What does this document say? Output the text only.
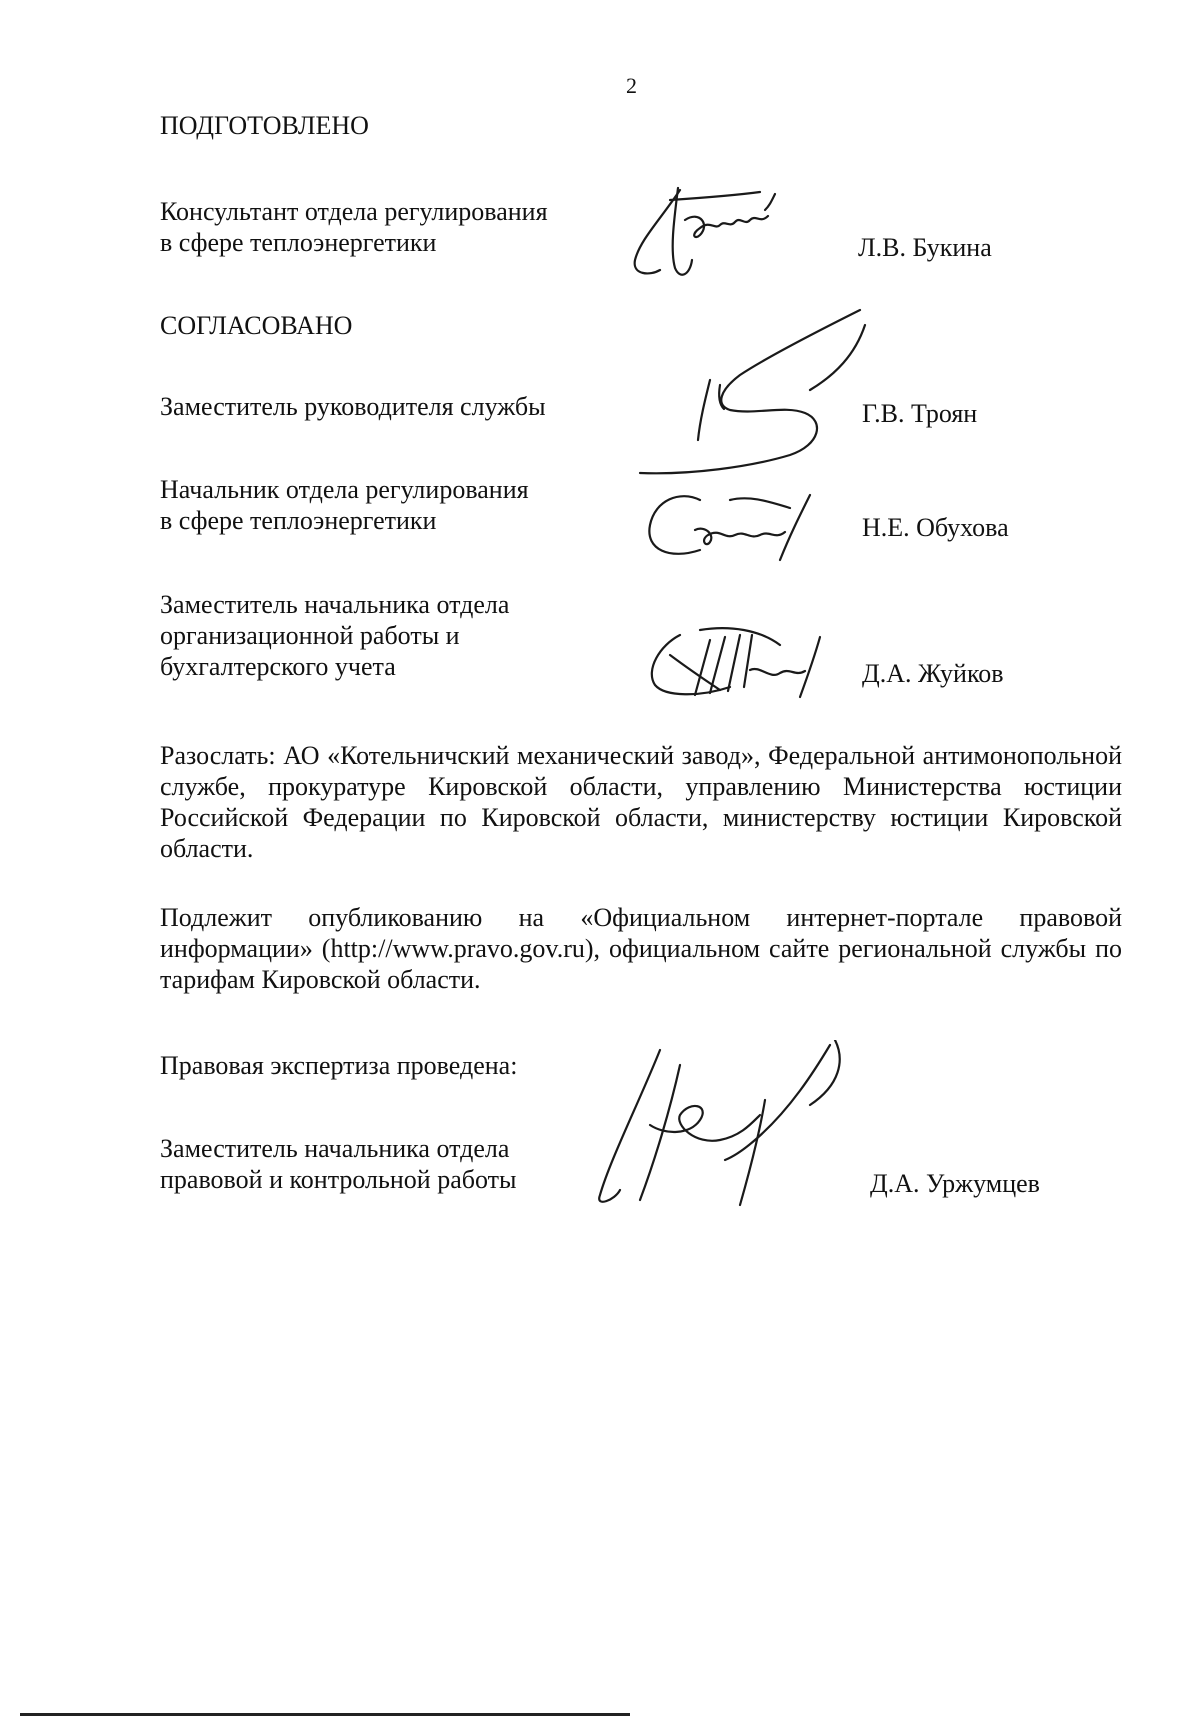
2
ПОДГОТОВЛЕНО
Консультант отдела регулирования
в сфере теплоэнергетики	Л.В. Букина
СОГЛАСОВАНО
Заместитель руководителя службы	Г.В. Троян
Начальник отдела регулирования
в сфере теплоэнергетики	Н.Е. Обухова
Заместитель начальника отдела
организационной работы и
бухгалтерского учета	Д.А. Жуйков
Разослать: АО «Котельничский механический завод», Федеральной антимонопольной службе, прокуратуре Кировской области, управлению Министерства юстиции Российской Федерации по Кировской области, министерству юстиции Кировской области.
Подлежит опубликованию на «Официальном интернет-портале правовой информации» (http://www.pravo.gov.ru), официальном сайте региональной службы по тарифам Кировской области.
Правовая экспертиза проведена:
Заместитель начальника отдела
правовой и контрольной работы	Д.А. Уржумцев
